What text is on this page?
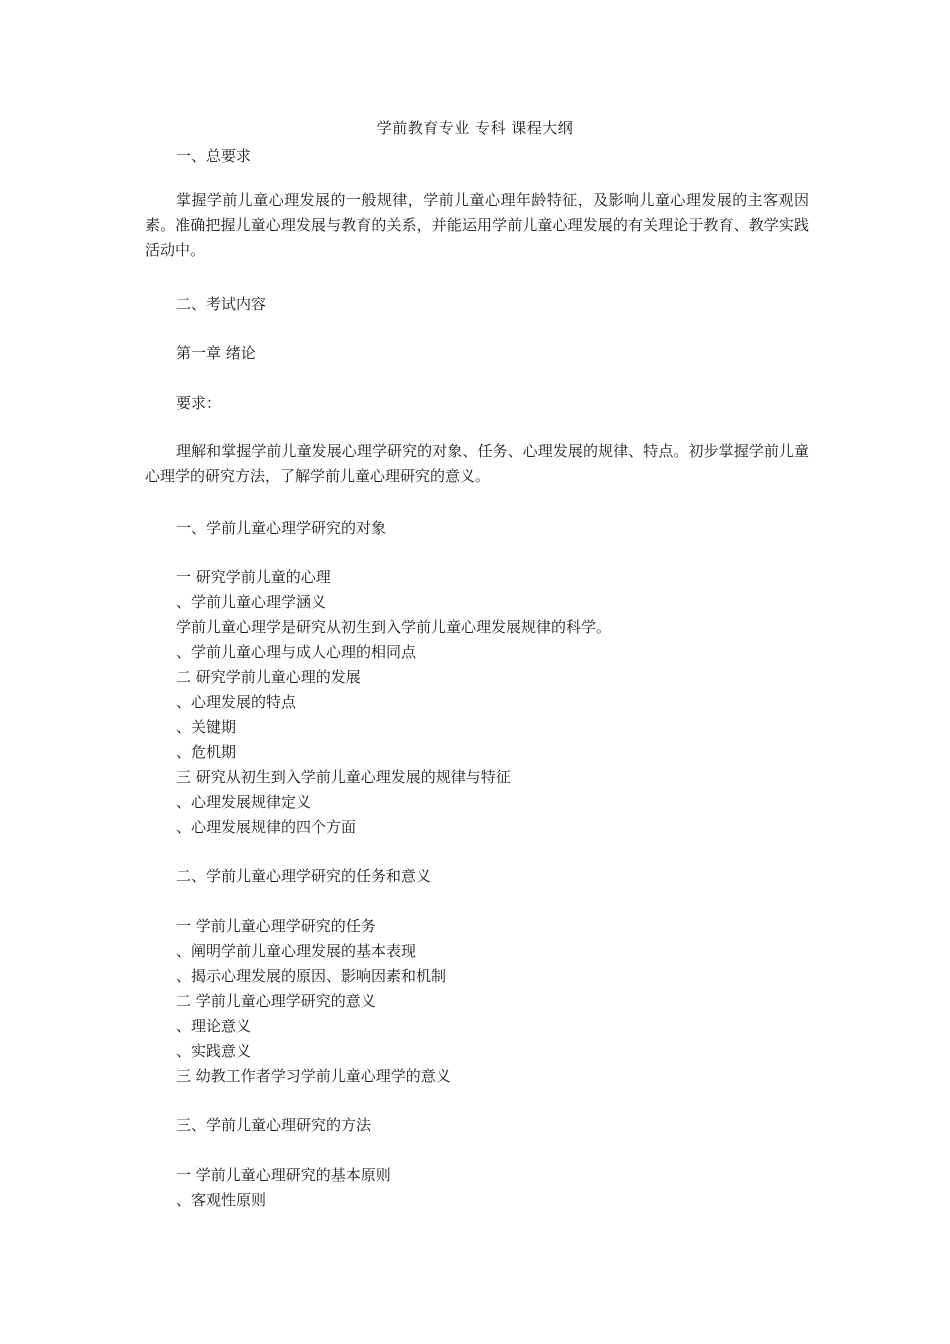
学前教育专业 专科 课程大纲
一、总要求
掌握学前儿童心理发展的一般规律，学前儿童心理年龄特征，及影响儿童心理发展的主客观因素。准确把握儿童心理发展与教育的关系，并能运用学前儿童心理发展的有关理论于教育、教学实践活动中。
二、考试内容
第一章 绪论
要求：
理解和掌握学前儿童发展心理学研究的对象、任务、心理发展的规律、特点。初步掌握学前儿童心理学的研究方法，了解学前儿童心理研究的意义。
一、学前儿童心理学研究的对象
一 研究学前儿童的心理
、学前儿童心理学涵义
学前儿童心理学是研究从初生到入学前儿童心理发展规律的科学。
、学前儿童心理与成人心理的相同点
二 研究学前儿童心理的发展
、心理发展的特点
、关键期
、危机期
三 研究从初生到入学前儿童心理发展的规律与特征
、心理发展规律定义
、心理发展规律的四个方面
二、学前儿童心理学研究的任务和意义
一 学前儿童心理学研究的任务
、阐明学前儿童心理发展的基本表现
、揭示心理发展的原因、影响因素和机制
二 学前儿童心理学研究的意义
、理论意义
、实践意义
三 幼教工作者学习学前儿童心理学的意义
三、学前儿童心理研究的方法
一 学前儿童心理研究的基本原则
、客观性原则
